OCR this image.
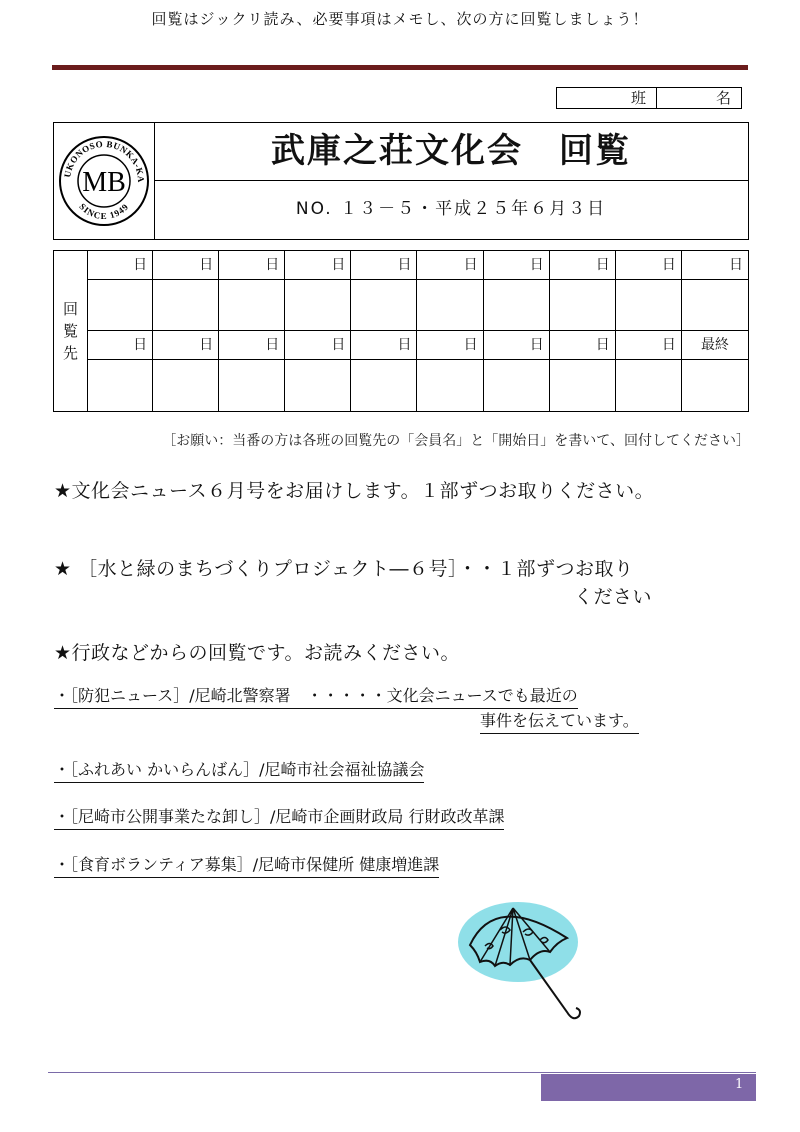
回覧はジックリ読み、必要事項はメモし、次の方に回覧しましょう！
班	名
UKONOSO BUNKA-KA
SINCE 1949
MB
武庫之荘文化会　回覧
NO. １３－５・平成２５年６月３日
回
覧
先
日	日	日	日	日	日	日	日	日	日
日	日	日	日	日	日	日	日	日	最終
［お願い：当番の方は各班の回覧先の「会員名」と「開始日」を書いて、回付してください］
★文化会ニュース６月号をお届けします。１部ずつお取りください。
★ ［水と緑のまちづくりプロジェクト―６号］・・１部ずつお取り
ください
★行政などからの回覧です。お読みください。
・［防犯ニュース］/尼崎北警察署　・・・・・文化会ニュースでも最近の
事件を伝えています。
・［ふれあい かいらんばん］/尼崎市社会福祉協議会
・［尼崎市公開事業たな卸し］/尼崎市企画財政局 行財政改革課
・［食育ボランティア募集］/尼崎市保健所 健康増進課
1
